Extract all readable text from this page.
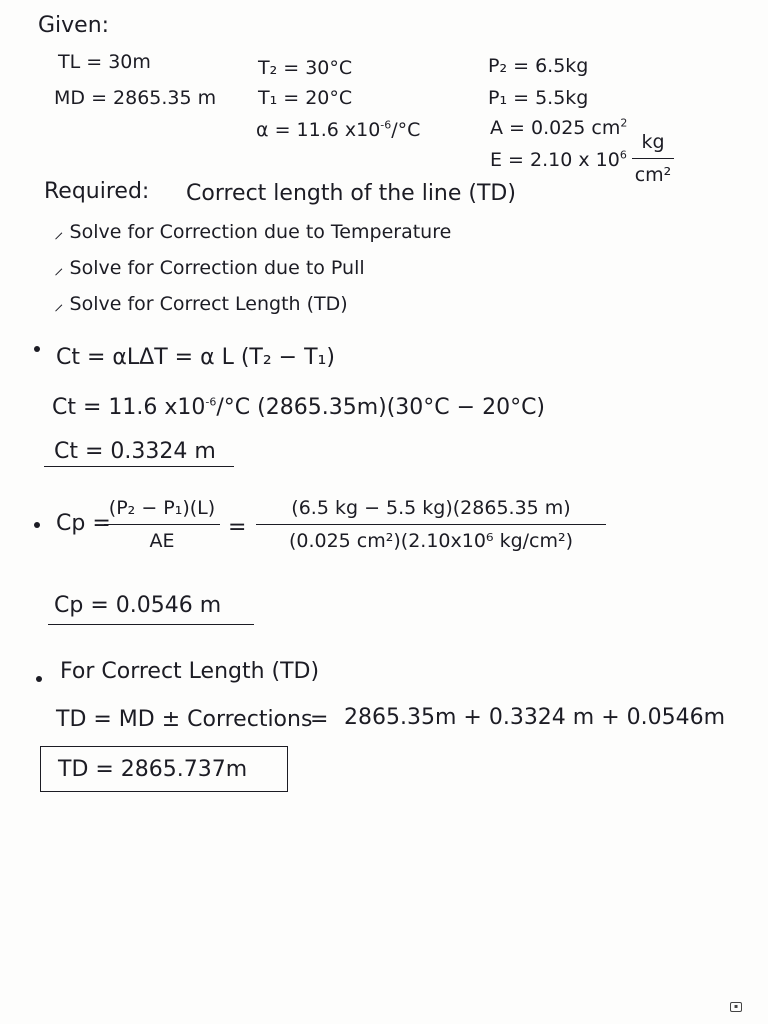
Given:
TL = 30m
MD = 2865.35 m
T₂ = 30°C
T₁ = 20°C
α = 11.6 $x10^{-6}/^\circ C$
P₂ = 6.5kg
P₁ = 5.5kg
A = 0.025 $cm^2$
E = 2.10 x $10^6$
kg
cm²
Required: Correct length of the line (TD)
⸝ Solve for Correction due to Temperature
⸝ Solve for Correction due to Pull
⸝ Solve for Correct Length (TD)
Ct = αLΔT = α L (T₂ − T₁)
Ct = 11.6 $x10^{-6}/^\circ C$ (2865.35m)(30°C − 20°C)
Ct = 0.3324 m
Cp =
(P₂ − P₁)(L)
AE
=
(6.5 kg − 5.5 kg)(2865.35 m)
(0.025 cm²)(2.10x10⁶ kg/cm²)
Cp = 0.0546 m
For Correct Length (TD)
TD = MD ± Corrections
= 2865.35m + 0.3324 m + 0.0546m
TD = 2865.737m
▪
